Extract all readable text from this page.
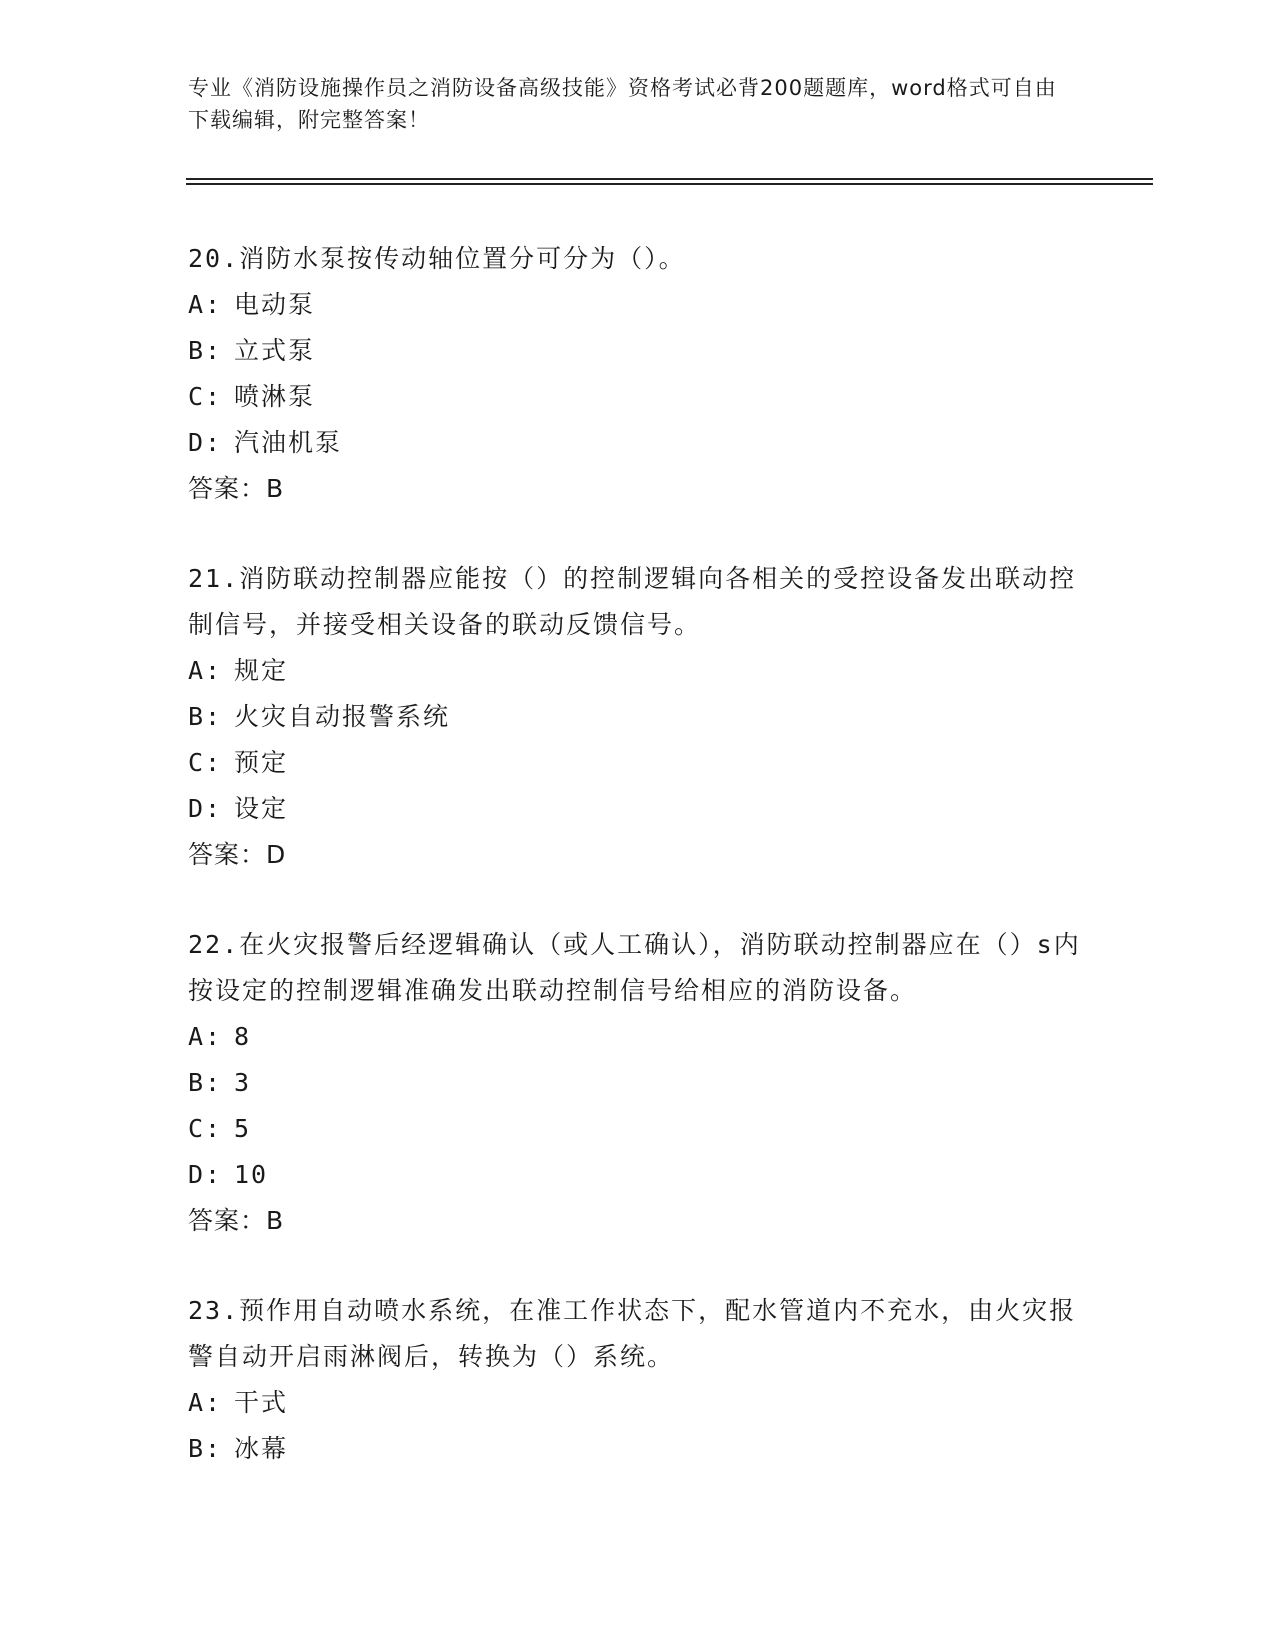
专业《消防设施操作员之消防设备高级技能》资格考试必背200题题库，word格式可自由下载编辑，附完整答案！

20.消防水泵按传动轴位置分可分为（）。

A: 电动泵
B: 立式泵
C: 喷淋泵
D: 汽油机泵
答案：B

21.消防联动控制器应能按（）的控制逻辑向各相关的受控设备发出联动控制信号，并接受相关设备的联动反馈信号。

A: 规定
B: 火灾自动报警系统
C: 预定
D: 设定
答案：D

22.在火灾报警后经逻辑确认（或人工确认），消防联动控制器应在（）s内按设定的控制逻辑准确发出联动控制信号给相应的消防设备。

A: 8
B: 3
C: 5
D: 10
答案：B

23.预作用自动喷水系统，在准工作状态下，配水管道内不充水，由火灾报警自动开启雨淋阀后，转换为（）系统。

A: 干式
B: 冰幕
